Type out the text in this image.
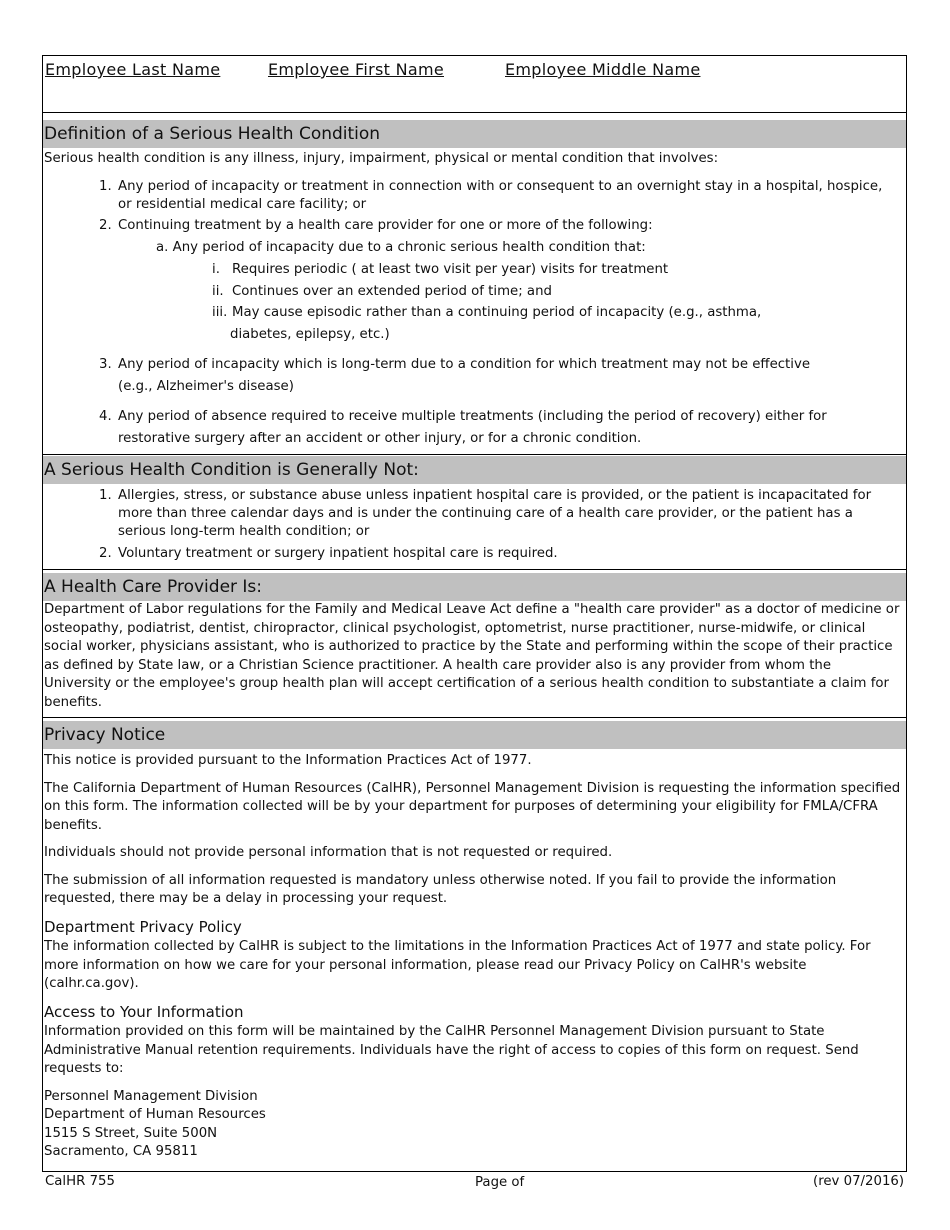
Employee Last Name	Employee First Name	Employee Middle Name
Definition of a Serious Health Condition
Serious health condition is any illness, injury, impairment, physical or mental condition that involves:
1. Any period of incapacity or treatment in connection with or consequent to an overnight stay in a hospital, hospice,
or residential medical care facility; or
2. Continuing treatment by a health care provider for one or more of the following:
a. Any period of incapacity due to a chronic serious health condition that:
i. Requires periodic ( at least two visit per year) visits for treatment
ii. Continues over an extended period of time; and
iii. May cause episodic rather than a continuing period of incapacity (e.g., asthma,
diabetes, epilepsy, etc.)
3. Any period of incapacity which is long-term due to a condition for which treatment may not be effective
(e.g., Alzheimer's disease)
4. Any period of absence required to receive multiple treatments (including the period of recovery) either for
restorative surgery after an accident or other injury, or for a chronic condition.
A Serious Health Condition is Generally Not:
1. Allergies, stress, or substance abuse unless inpatient hospital care is provided, or the patient is incapacitated for
more than three calendar days and is under the continuing care of a health care provider, or the patient has a
serious long-term health condition; or
2. Voluntary treatment or surgery inpatient hospital care is required.
A Health Care Provider Is:
Department of Labor regulations for the Family and Medical Leave Act define a "health care provider" as a doctor of medicine or osteopathy, podiatrist, dentist, chiropractor, clinical psychologist, optometrist, nurse practitioner, nurse-midwife, or clinical social worker, physicians assistant, who is authorized to practice by the State and performing within the scope of their practice as defined by State law, or a Christian Science practitioner. A health care provider also is any provider from whom the University or the employee's group health plan will accept certification of a serious health condition to substantiate a claim for benefits.
Privacy Notice

This notice is provided pursuant to the Information Practices Act of 1977.

The California Department of Human Resources (CalHR), Personnel Management Division is requesting the information specified on this form. The information collected will be by your department for purposes of determining your eligibility for FMLA/CFRA benefits.

Individuals should not provide personal information that is not requested or required.

The submission of all information requested is mandatory unless otherwise noted. If you fail to provide the information requested, there may be a delay in processing your request.

Department Privacy Policy

The information collected by CalHR is subject to the limitations in the Information Practices Act of 1977 and state policy. For more information on how we care for your personal information, please read our Privacy Policy on CalHR's website (calhr.ca.gov).

Access to Your Information

Information provided on this form will be maintained by the CalHR Personnel Management Division pursuant to State Administrative Manual retention requirements. Individuals have the right of access to copies of this form on request. Send requests to:

Personnel Management Division
Department of Human Resources
1515 S Street, Suite 500N
Sacramento, CA 95811
CalHR 755	Page of	(rev 07/2016)
